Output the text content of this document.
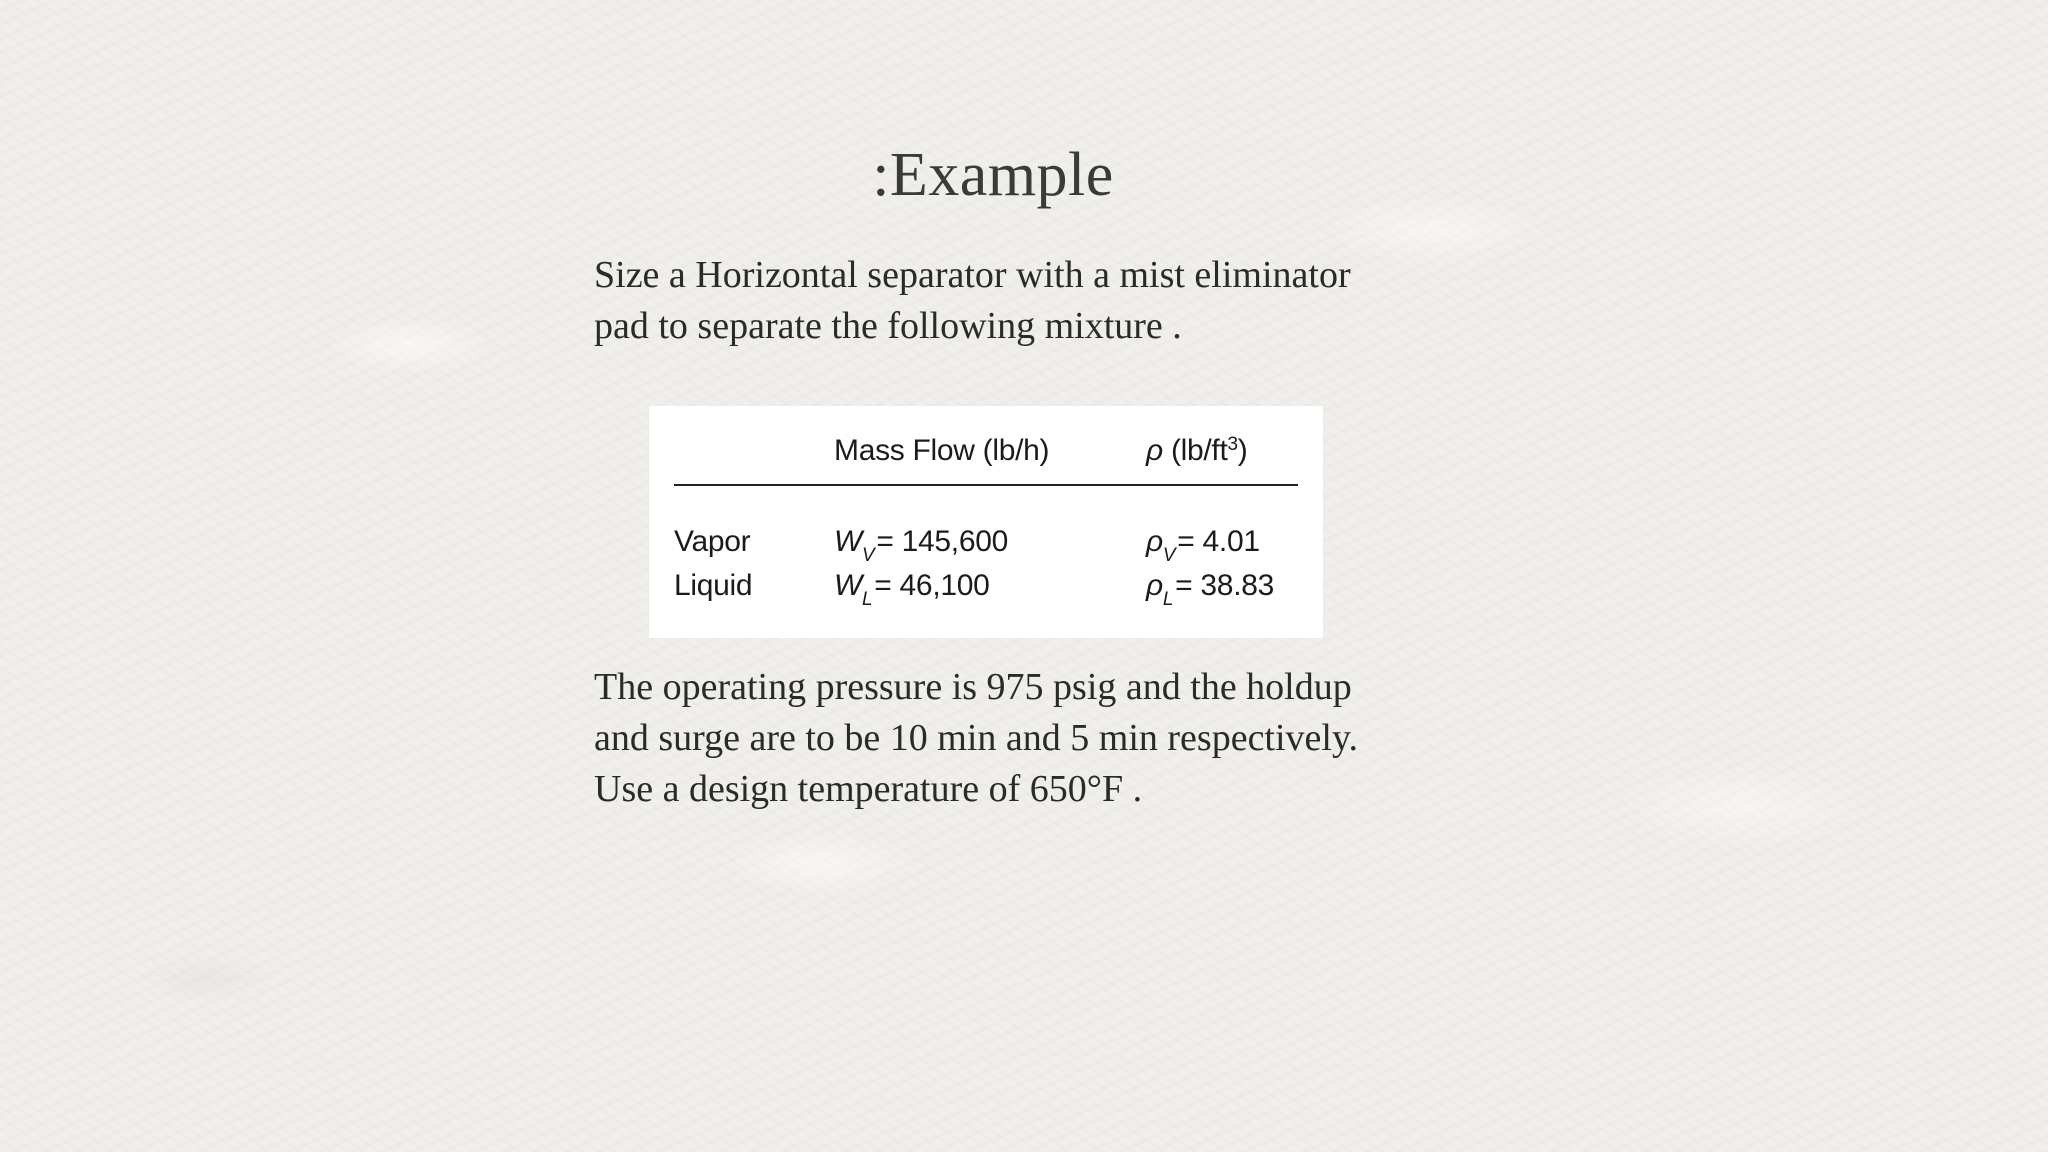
:Example

Size a Horizontal separator with a mist eliminator
pad to separate the following mixture .

	Mass Flow (lb/h)	ρ $(lb/ft^3)$
Vapor	$W_V= 145,600$	$\rho_V= 4.01$
Liquid	$W_L= 46,100$	$\rho_L= 38.83$

The operating pressure is 975 psig and the holdup
and surge are to be 10 min and 5 min respectively.
Use a design temperature of 650°F .
